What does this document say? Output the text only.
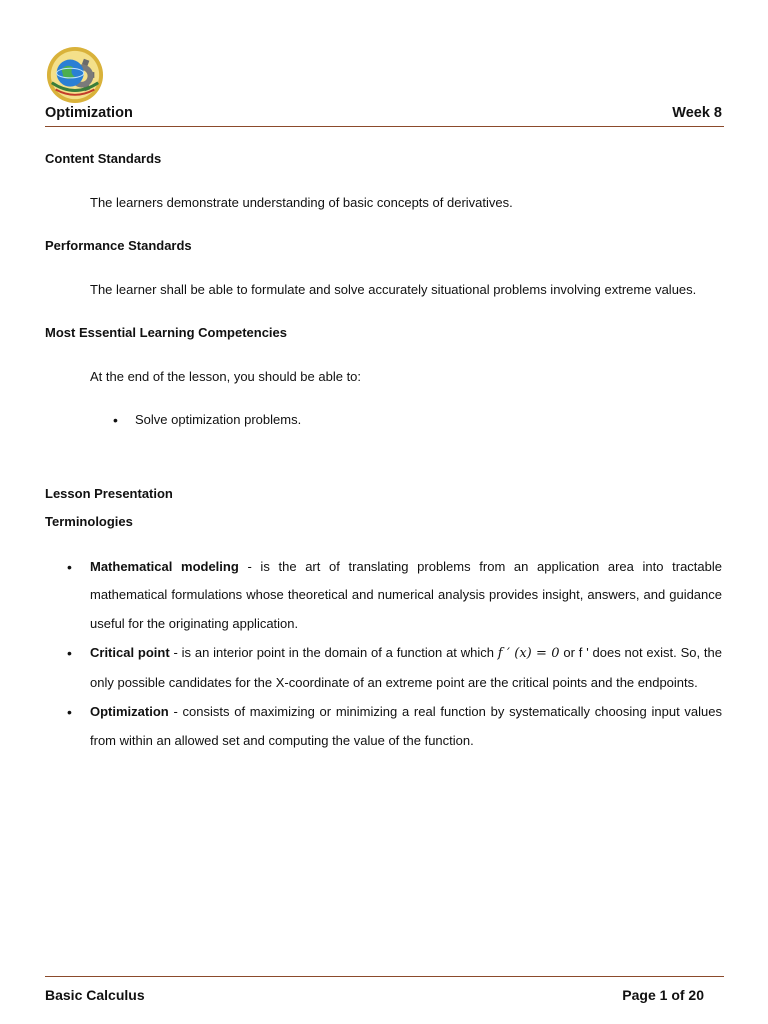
Optimization	Week 8

Content Standards

The learners demonstrate understanding of basic concepts of derivatives.

Performance Standards

The learner shall be able to formulate and solve accurately situational problems involving extreme values.

Most Essential Learning Competencies

At the end of the lesson, you should be able to:

• Solve optimization problems.

Lesson Presentation

Terminologies

• Mathematical modeling - is the art of translating problems from an application area into tractable mathematical formulations whose theoretical and numerical analysis provides insight, answers, and guidance useful for the originating application.
• Critical point - is an interior point in the domain of a function at which f ′ (x) = 0 or f ' does not exist. So, the only possible candidates for the X-coordinate of an extreme point are the critical points and the endpoints.
• Optimization - consists of maximizing or minimizing a real function by systematically choosing input values from within an allowed set and computing the value of the function.
Basic Calculus	Page 1 of 20
